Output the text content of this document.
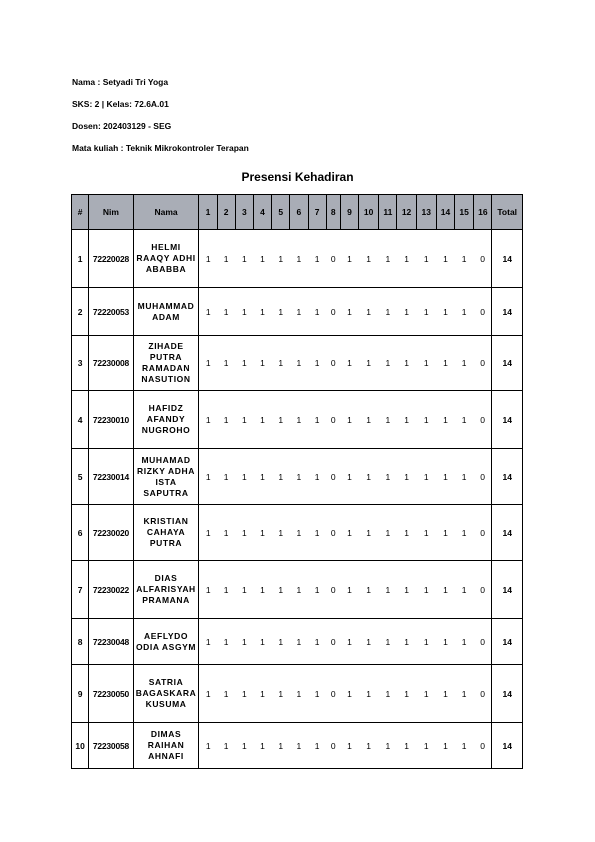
Nama : Setyadi Tri Yoga
SKS: 2 | Kelas: 72.6A.01
Dosen: 202403129 - SEG
Mata kuliah : Teknik Mikrokontroler Terapan
Presensi Kehadiran
#	Nim	Nama	1	2	3	4	5	6	7	8	9	10	11	12	13	14	15	16	Total
1	72220028	HELMI RAAQY ADHI ABABBA	1	1	1	1	1	1	1	0	1	1	1	1	1	1	1	0	14
2	72220053	MUHAMMAD ADAM	1	1	1	1	1	1	1	0	1	1	1	1	1	1	1	0	14
3	72230008	ZIHADE PUTRA RAMADAN NASUTION	1	1	1	1	1	1	1	0	1	1	1	1	1	1	1	0	14
4	72230010	HAFIDZ AFANDY NUGROHO	1	1	1	1	1	1	1	0	1	1	1	1	1	1	1	0	14
5	72230014	MUHAMAD RIZKY ADHA ISTA SAPUTRA	1	1	1	1	1	1	1	0	1	1	1	1	1	1	1	0	14
6	72230020	KRISTIAN CAHAYA PUTRA	1	1	1	1	1	1	1	0	1	1	1	1	1	1	1	0	14
7	72230022	DIAS ALFARISYAH PRAMANA	1	1	1	1	1	1	1	0	1	1	1	1	1	1	1	0	14
8	72230048	AEFLYDO ODIA ASGYM	1	1	1	1	1	1	1	0	1	1	1	1	1	1	1	0	14
9	72230050	SATRIA BAGASKARA KUSUMA	1	1	1	1	1	1	1	0	1	1	1	1	1	1	1	0	14
10	72230058	DIMAS RAIHAN AHNAFI	1	1	1	1	1	1	1	0	1	1	1	1	1	1	1	0	14
